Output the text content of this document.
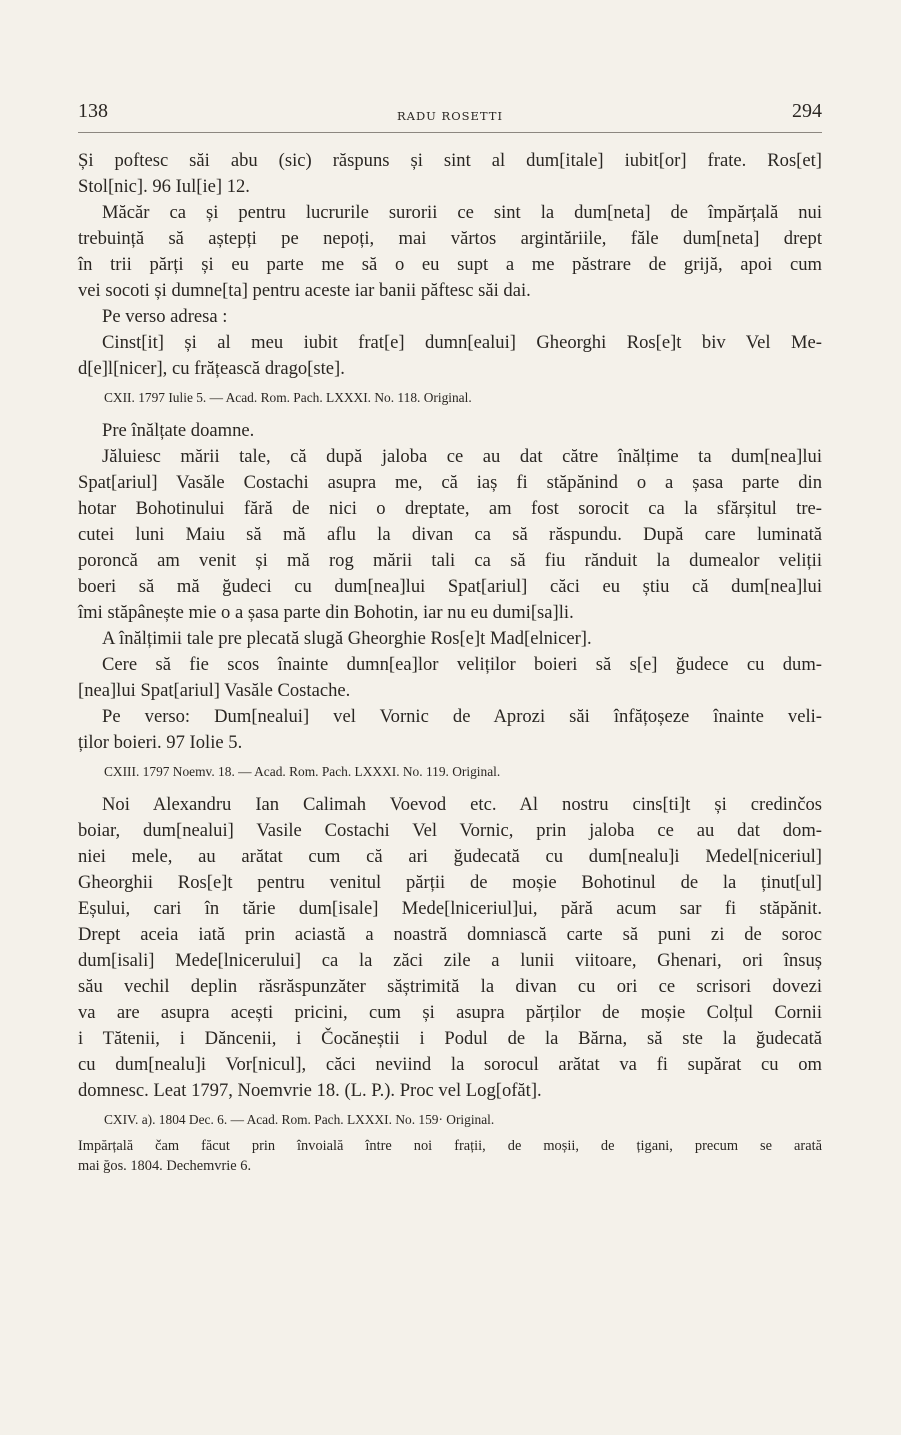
138	RADU ROSETTI	294
Și poftesc săi abu (sic) răspuns și sint al dum[itale] iubit[or] frate. Ros[et]
Stol[nic]. 96 Iul[ie] 12.
Măcăr ca și pentru lucrurile surorii ce sint la dum[neta] de împărțală nui
trebuință să aștepți pe nepoți, mai vărtos argintăriile, făle dum[neta] drept
în trii părți și eu parte me să o eu supt a me păstrare de grijă, apoi cum
vei socoti și dumne[ta] pentru aceste iar banii păftesc săi dai.
Pe verso adresa :
Cinst[it] și al meu iubit frat[e] dumn[ealui] Gheorghi Ros[e]t biv Vel Me-
d[e]l[nicer], cu frățească drago[ste].
CXII. 1797 Iulie 5. — Acad. Rom. Pach. LXXXI. No. 118. Original.
Pre înălțate doamne.
Jăluiesc mării tale, că după jaloba ce au dat către înălțime ta dum[nea]lui
Spat[ariul] Vasăle Costachi asupra me, că iaș fi stăpănind o a șasa parte din
hotar Bohotinului fără de nici o dreptate, am fost sorocit ca la sfărșitul tre-
cutei luni Maiu să mă aflu la divan ca să răspundu. După care luminată
poroncă am venit și mă rog mării tali ca să fiu rănduit la dumealor veliții
boeri să mă ğudeci cu dum[nea]lui Spat[ariul] căci eu știu că dum[nea]lui
îmi stăpânește mie o a șasa parte din Bohotin, iar nu eu dumi[sa]li.
A înălțimii tale pre plecată slugă Gheorghie Ros[e]t Mad[elnicer].
Cere să fie scos înainte dumn[ea]lor veliților boieri să s[e] ğudece cu dum-
[nea]lui Spat[ariul] Vasăle Costache.
Pe verso: Dum[nealui] vel Vornic de Aprozi săi înfățoșeze înainte veli-
ților boieri. 97 Iolie 5.
CXIII. 1797 Noemv. 18. — Acad. Rom. Pach. LXXXI. No. 119. Original.
Noi Alexandru Ian Calimah Voevod etc. Al nostru cins[ti]t și credinčos
boiar, dum[nealui] Vasile Costachi Vel Vornic, prin jaloba ce au dat dom-
niei mele, au arătat cum că ari ğudecată cu dum[nealu]i Medel[niceriul]
Gheorghii Ros[e]t pentru venitul părții de moșie Bohotinul de la ținut[ul]
Eșului, cari în tărie dum[isale] Mede[lniceriul]ui, pără acum sar fi stăpănit.
Drept aceia iată prin aciastă a noastră domniască carte să puni zi de soroc
dum[isali] Mede[lnicerului] ca la zăci zile a lunii viitoare, Ghenari, ori însuș
său vechil deplin răsrăspunzăter săștrimită la divan cu ori ce scrisori dovezi
va are asupra acești pricini, cum și asupra părților de moșie Colțul Cornii
i Tătenii, i Dăncenii, i Čocăneștii i Podul de la Bărna, să ste la ğudecată
cu dum[nealu]i Vor[nicul], căci neviind la sorocul arătat va fi supărat cu om
domnesc. Leat 1797, Noemvrie 18. (L. P.). Proc vel Log[ofăt].
CXIV. a). 1804 Dec. 6. — Acad. Rom. Pach. LXXXI. No. 159· Original.
Impărțală čam făcut prin învoială între noi frații, de moșii, de țigani, precum se arată
mai ğos. 1804. Dechemvrie 6.
